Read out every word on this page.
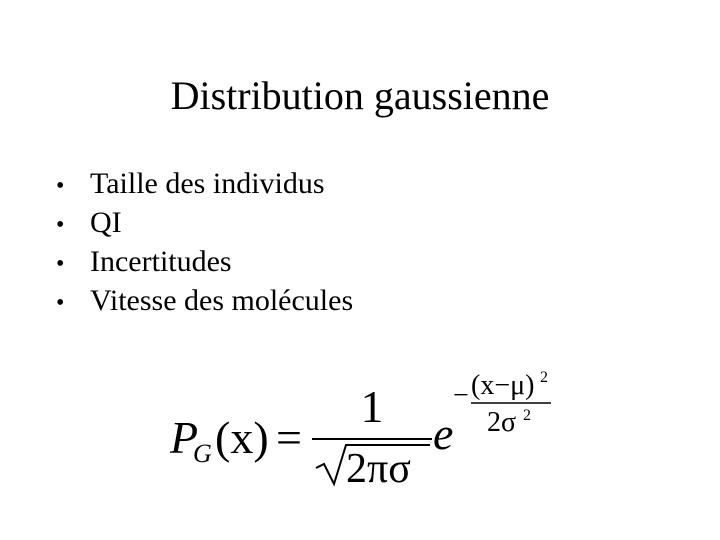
Distribution gaussienne
• Taille des individus
• QI
• Incertitudes
• Vitesse des molécules
P
G (x) =
1
2πσ
e
− (x−μ) 2
2σ 2
